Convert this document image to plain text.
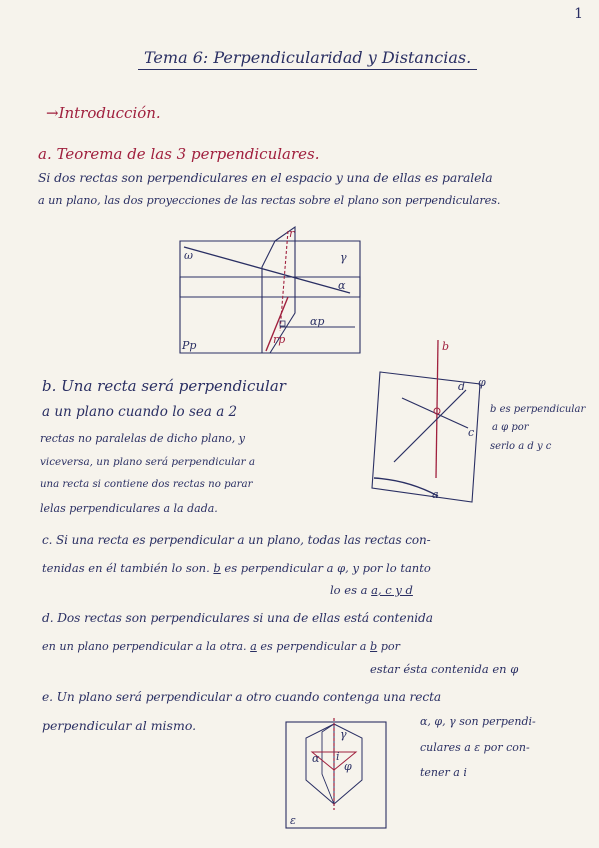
1
Tema 6: Perpendicularidad y Distancias.
→Introducción.
a. Teorema de las 3 perpendiculares.
Si dos rectas son perpendiculares en el espacio y una de ellas es paralela
a un plano, las dos proyecciones de las rectas sobre el plano son perpendiculares.
ω	γ
α
r
rp
αp
Pp
b. Una recta será perpendicular
a un plano cuando lo sea a 2
rectas no paralelas de dicho plano, y
viceversa, un plano será perpendicular a
una recta si contiene dos rectas no parar
lelas perpendiculares a la dada.
b
d φ
c
a
b es perpendicular
a φ por
serlo a d y c
c. Si una recta es perpendicular a un plano, todas las rectas con-
tenidas en él también lo son. b es perpendicular a φ, y por lo tanto
lo es a a, c y d
d. Dos rectas son perpendiculares si una de ellas está contenida
en un plano perpendicular a la otra. a es perpendicular a b por
estar ésta contenida en φ
e. Un plano será perpendicular a otro cuando contenga una recta
perpendicular al mismo.	α, φ, γ son perpendi-
culares a ε por con-
tener a i
α i
φ
γ
ε
